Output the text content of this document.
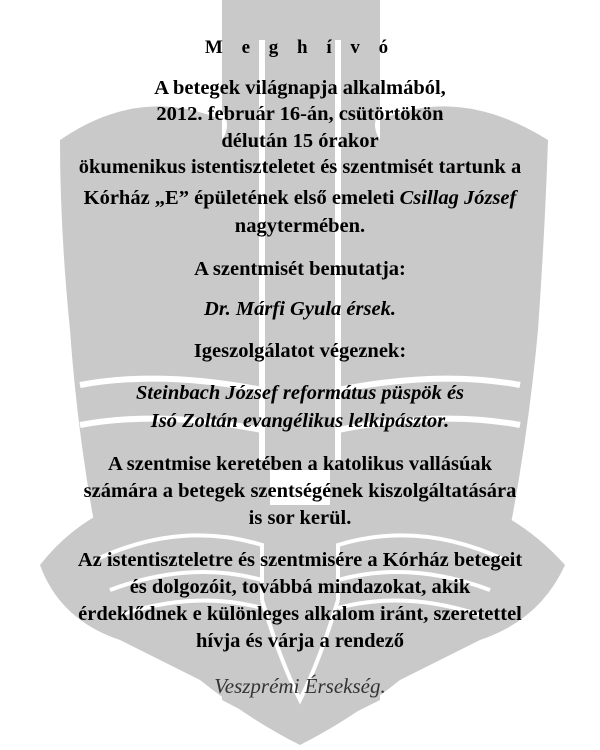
M e g h í v ó

A betegek világnapja alkalmából,

2012. február 16-án, csütörtökön

délután 15 órakor

ökumenikus istentiszteletet és szentmisét tartunk a

Kórház „E” épületének első emeleti Csillag József

nagytermében.

A szentmisét bemutatja:

Dr. Márfi Gyula érsek.

Igeszolgálatot végeznek:

Steinbach József református püspök és

Isó Zoltán evangélikus lelkipásztor.

A szentmise keretében a katolikus vallásúak

számára a betegek szentségének kiszolgáltatására

is sor kerül.

Az istentiszteletre és szentmisére a Kórház betegeit

és dolgozóit, továbbá mindazokat, akik

érdeklődnek e különleges alkalom iránt, szeretettel

hívja és várja a rendező

Veszprémi Érsekség.
